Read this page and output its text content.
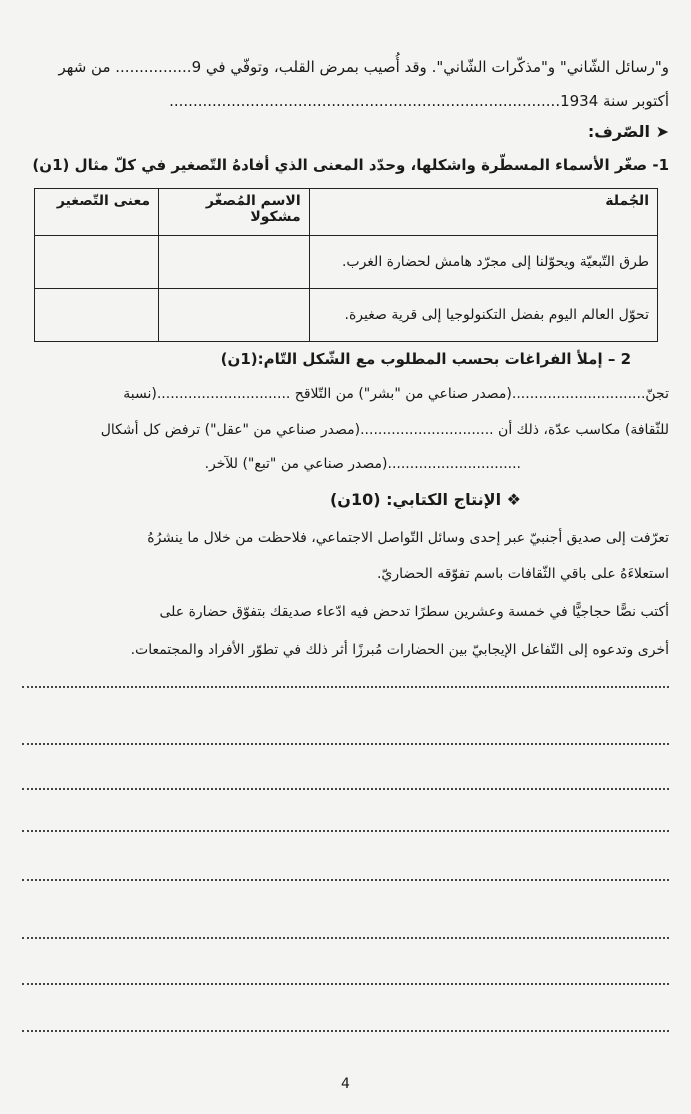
و"رسائل الشّاني" و"مذكّرات الشّاني". وقد أُصيب بمرض القلب، وتوفّي في 9................ من شهر
أكتوبر سنة 1934..................................................................................
➤ الصّرف:
1- صغّر الأسماء المسطّرة واشكلها، وحدّد المعنى الذي أفادهُ التّصغير في كلّ مثال (1ن)
الجُملة	الاسم المُصغّر مشكولا	معنى التّصغير
طرق التّبعيّة ويحوّلنا إلى مجرّد هامش لحضارة الغرب.		
تحوّل العالم اليوم بفضل التكنولوجيا إلى قرية صغيرة.		
2 – إملأ الفراغات بحسب المطلوب مع الشّكل التّام:(1ن)
تجنّ..............................(مصدر صناعي من "بشر") من التّلاقح ..............................(نسبة
للثّقافة) مكاسب عدّة، ذلك أن ..............................(مصدر صناعي من "عقل") ترفض كل أشكال
..............................(مصدر صناعي من "تبع") للآخر.
❖ الإنتاج الكتابي: (10ن)
تعرّفت إلى صديق أجنبيّ عبر إحدى وسائل التّواصل الاجتماعي، فلاحظت من خلال ما ينشرُهُ
استعلاءَهُ على باقي الثّقافات باسم تفوّقه الحضاريّ.
أكتب نصًّا حجاجيًّا في خمسة وعشرين سطرًا تدحض فيه ادّعاء صديقك بتفوّق حضارة على
أخرى وتدعوه إلى التّفاعل الإيجابيّ بين الحضارات مُبرزًا أثر ذلك في تطوّر الأفراد والمجتمعات.
4
